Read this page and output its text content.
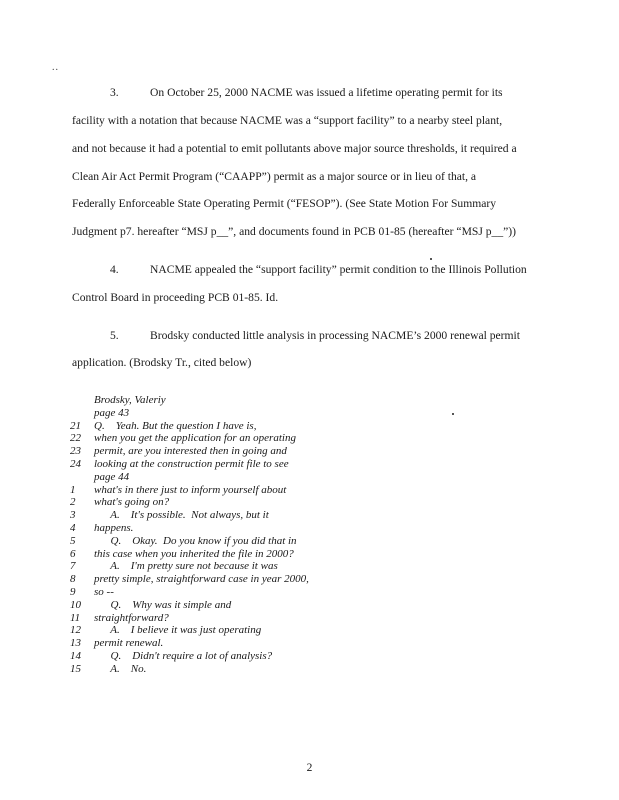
..
3.	On October 25, 2000 NACME was issued a lifetime operating permit for its
facility with a notation that because NACME was a “support facility” to a nearby steel plant,
and not because it had a potential to emit pollutants above major source thresholds, it required a
Clean Air Act Permit Program (“CAAPP”) permit as a major source or in lieu of that, a
Federally Enforceable State Operating Permit (“FESOP”). (See State Motion For Summary
Judgment p7. hereafter “MSJ p__”, and documents found in PCB 01-85 (hereafter “MSJ p__”))
4.	NACME appealed the “support facility” permit condition to the Illinois Pollution
Control Board in proceeding PCB 01-85. Id.
5.	Brodsky conducted little analysis in processing NACME’s 2000 renewal permit
application. (Brodsky Tr., cited below)
Brodsky, Valeriy
page 43
21 Q.    Yeah. But the question I have is,
22 when you get the application for an operating
23 permit, are you interested then in going and
24 looking at the construction permit file to see
page 44
1 what's in there just to inform yourself about
2 what's going on?
3      A.    It's possible.  Not always, but it
4 happens.
5      Q.    Okay.  Do you know if you did that in
6 this case when you inherited the file in 2000?
7      A.    I'm pretty sure not because it was
8 pretty simple, straightforward case in year 2000,
9 so --
10      Q.    Why was it simple and
11 straightforward?
12      A.    I believe it was just operating
13 permit renewal.
14      Q.    Didn't require a lot of analysis?
15      A.    No.
2
